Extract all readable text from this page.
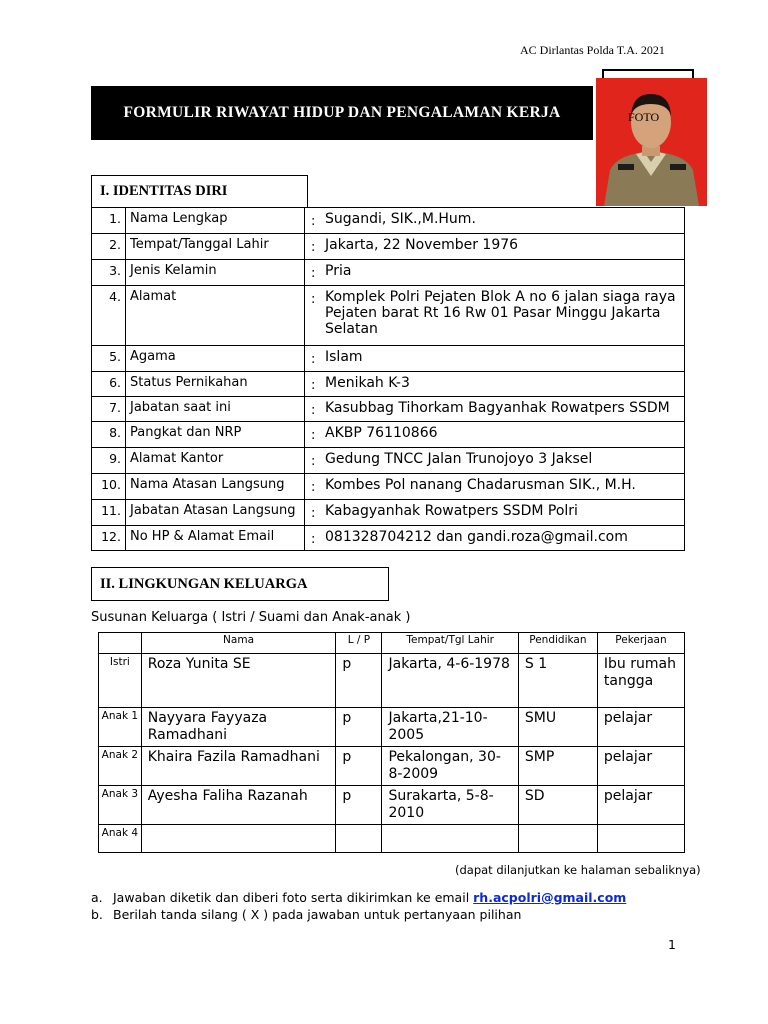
AC Dirlantas Polda T.A. 2021
FORMULIR RIWAYAT HIDUP DAN PENGALAMAN KERJA	FOTO
I. IDENTITAS DIRI
1.	Nama Lengkap	:	Sugandi, SIK.,M.Hum.
2.	Tempat/Tanggal Lahir	:	Jakarta, 22 November 1976
3.	Jenis Kelamin	:	Pria
4.	Alamat	:	Komplek Polri Pejaten Blok A no 6 jalan siaga raya Pejaten barat Rt 16 Rw 01 Pasar Minggu Jakarta Selatan
5.	Agama	:	Islam
6.	Status Pernikahan	:	Menikah K-3
7.	Jabatan saat ini	:	Kasubbag Tihorkam Bagyanhak Rowatpers SSDM
8.	Pangkat dan NRP	:	AKBP 76110866
9.	Alamat Kantor	:	Gedung TNCC Jalan Trunojoyo 3 Jaksel
10.	Nama Atasan Langsung	:	Kombes Pol nanang Chadarusman SIK., M.H.
11.	Jabatan Atasan Langsung	:	Kabagyanhak Rowatpers SSDM Polri
12.	No HP & Alamat Email	:	081328704212 dan gandi.roza@gmail.com
II. LINGKUNGAN KELUARGA
Susunan Keluarga ( Istri / Suami dan Anak-anak )
	Nama	L / P	Tempat/Tgl Lahir	Pendidikan	Pekerjaan
Istri	Roza Yunita SE	p	Jakarta, 4-6-1978	S 1	Ibu rumah tangga
Anak 1	Nayyara Fayyaza Ramadhani	p	Jakarta,21-10-2005	SMU	pelajar
Anak 2	Khaira Fazila Ramadhani	p	Pekalongan, 30-8-2009	SMP	pelajar
Anak 3	Ayesha Faliha Razanah	p	Surakarta, 5-8-2010	SD	pelajar
Anak 4					
(dapat dilanjutkan ke halaman sebaliknya)
a. Jawaban diketik dan diberi foto serta dikirimkan ke email rh.acpolri@gmail.com
b. Berilah tanda silang ( X ) pada jawaban untuk pertanyaan pilihan
1
